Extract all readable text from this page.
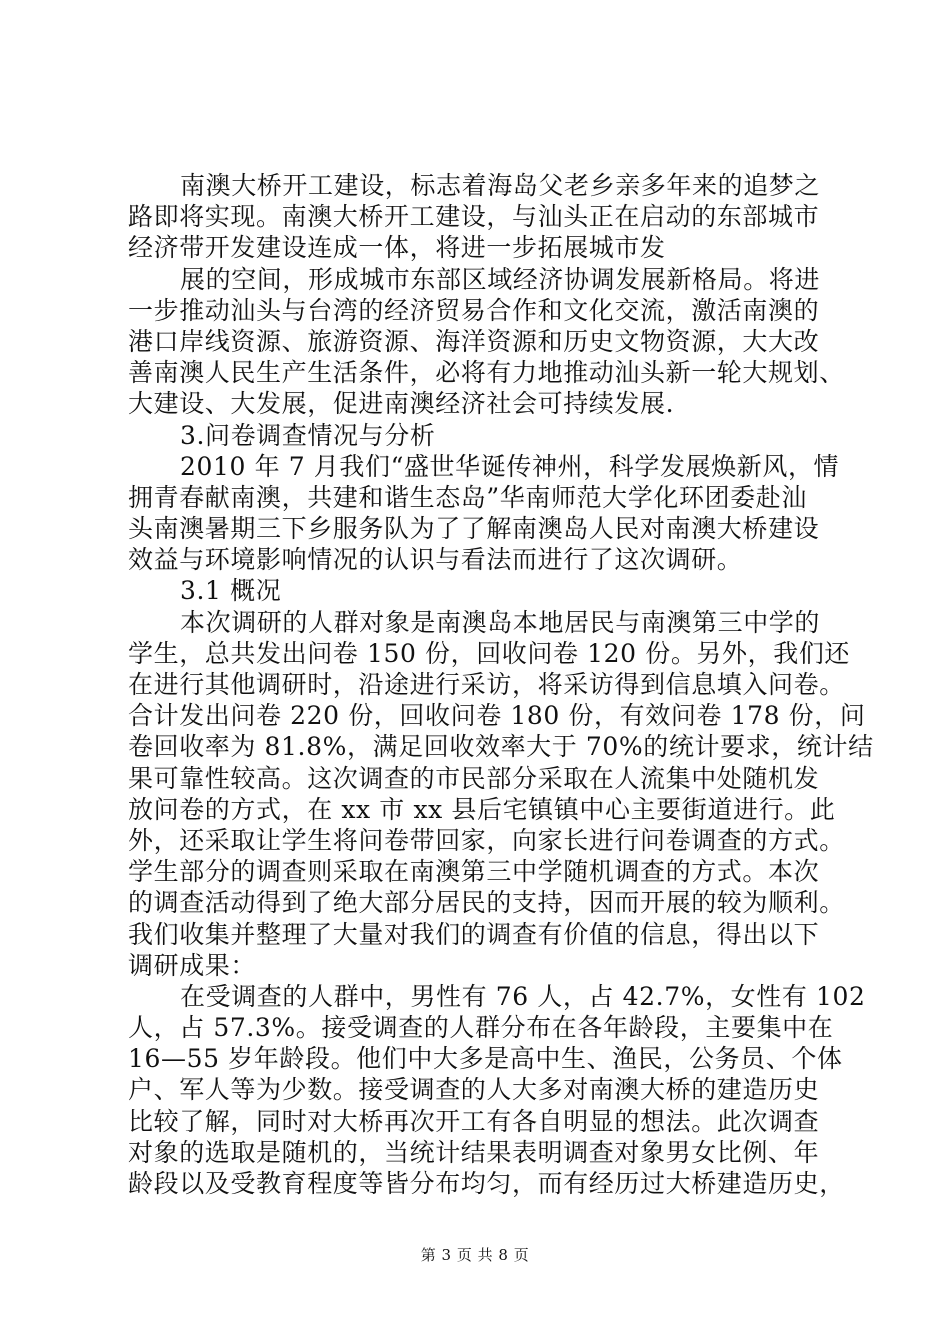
南澳大桥开工建设，标志着海岛父老乡亲多年来的追梦之
路即将实现。南澳大桥开工建设，与汕头正在启动的东部城市
经济带开发建设连成一体，将进一步拓展城市发
展的空间，形成城市东部区域经济协调发展新格局。将进
一步推动汕头与台湾的经济贸易合作和文化交流，激活南澳的
港口岸线资源、旅游资源、海洋资源和历史文物资源，大大改
善南澳人民生产生活条件，必将有力地推动汕头新一轮大规划、
大建设、大发展，促进南澳经济社会可持续发展.
3.问卷调查情况与分析
2010 年 7 月我们“盛世华诞传神州，科学发展焕新风，情
拥青春献南澳，共建和谐生态岛”华南师范大学化环团委赴汕
头南澳暑期三下乡服务队为了了解南澳岛人民对南澳大桥建设
效益与环境影响情况的认识与看法而进行了这次调研。
3.1 概况
本次调研的人群对象是南澳岛本地居民与南澳第三中学的
学生，总共发出问卷 150 份，回收问卷 120 份。另外，我们还
在进行其他调研时，沿途进行采访，将采访得到信息填入问卷。
合计发出问卷 220 份，回收问卷 180 份，有效问卷 178 份，问
卷回收率为 81.8%，满足回收效率大于 70%的统计要求，统计结
果可靠性较高。这次调查的市民部分采取在人流集中处随机发
放问卷的方式，在 xx 市 xx 县后宅镇镇中心主要街道进行。此
外，还采取让学生将问卷带回家，向家长进行问卷调查的方式。
学生部分的调查则采取在南澳第三中学随机调查的方式。本次
的调查活动得到了绝大部分居民的支持，因而开展的较为顺利。
我们收集并整理了大量对我们的调查有价值的信息，得出以下
调研成果：
在受调查的人群中，男性有 76 人，占 42.7%，女性有 102
人，占 57.3%。接受调查的人群分布在各年龄段，主要集中在
16—55 岁年龄段。他们中大多是高中生、渔民，公务员、个体
户、军人等为少数。接受调查的人大多对南澳大桥的建造历史
比较了解，同时对大桥再次开工有各自明显的想法。此次调查
对象的选取是随机的，当统计结果表明调查对象男女比例、年
龄段以及受教育程度等皆分布均匀，而有经历过大桥建造历史，
第 3 页 共 8 页
